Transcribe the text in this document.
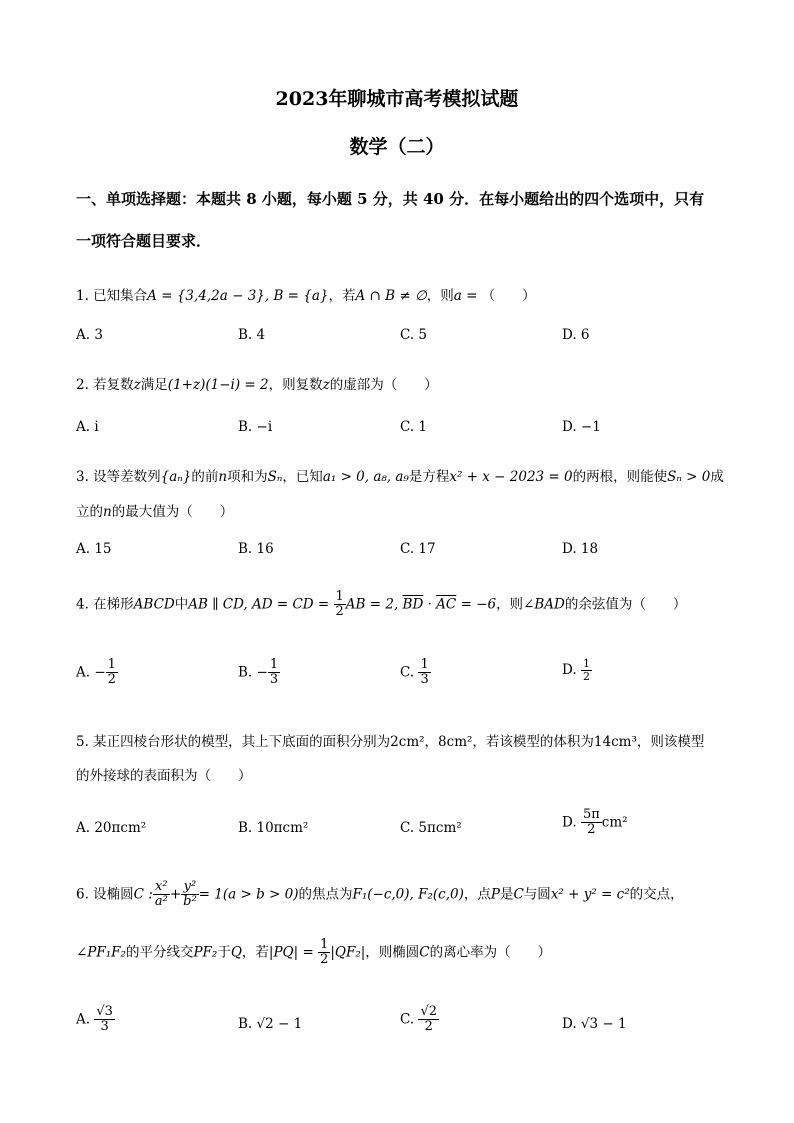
2023年聊城市高考模拟试题
数学（二）
一、单项选择题：本题共 8 小题，每小题 5 分，共 40 分．在每小题给出的四个选项中，只有
一项符合题目要求．
1. 已知集合A = {3,4,2a − 3}, B = {a}，若A ∩ B ≠ ∅，则a = （　　）
A. 3	B. 4	C. 5	D. 6
2. 若复数z满足(1+z)(1−i) = 2，则复数z的虚部为（　　）
A. i	B. −i	C. 1	D. −1
3. 设等差数列{aₙ}的前n项和为Sₙ，已知a₁ > 0, a₈, a₉是方程x² + x − 2023 = 0的两根，则能使Sₙ > 0成
立的n的最大值为（　　）
A. 15	B. 16	C. 17	D. 18
4. 在梯形ABCD中AB ∥ CD, AD = CD = $\frac{1}{2}$ AB = 2, $\overline{BD} \cdot \overline{AC} = -6$，则∠BAD的余弦值为（　　）
A. − $\frac{1}{2}$	B. − $\frac{1}{3}$	C. $\frac{1}{3}$	D. $\frac{1}{2}$
5. 某正四棱台形状的模型，其上下底面的面积分别为2cm²，8cm²，若该模型的体积为14cm³，则该模型
的外接球的表面积为（　　）
A. 20πcm²	B. 10πcm²	C. 5πcm²	D. $\frac{5\pi}{2} cm^2$
6. 设椭圆C : $\frac{\text{x²}}{\text{a²}} + \frac{\text{y²}}{\text{b²}} = 1(a > b > 0)$的焦点为F₁(−c,0), F₂(c,0)，点P是C与圆x² + y² = c²的交点，
∠PF₁F₂的平分线交PF₂于Q，若$|PQ| = \frac{1}{2} |QF_2|$，则椭圆C的离心率为（　　）
A. $\frac{√3}{3}$	B. √2 − 1	C. $\frac{√2}{2}$	D. √3 − 1
